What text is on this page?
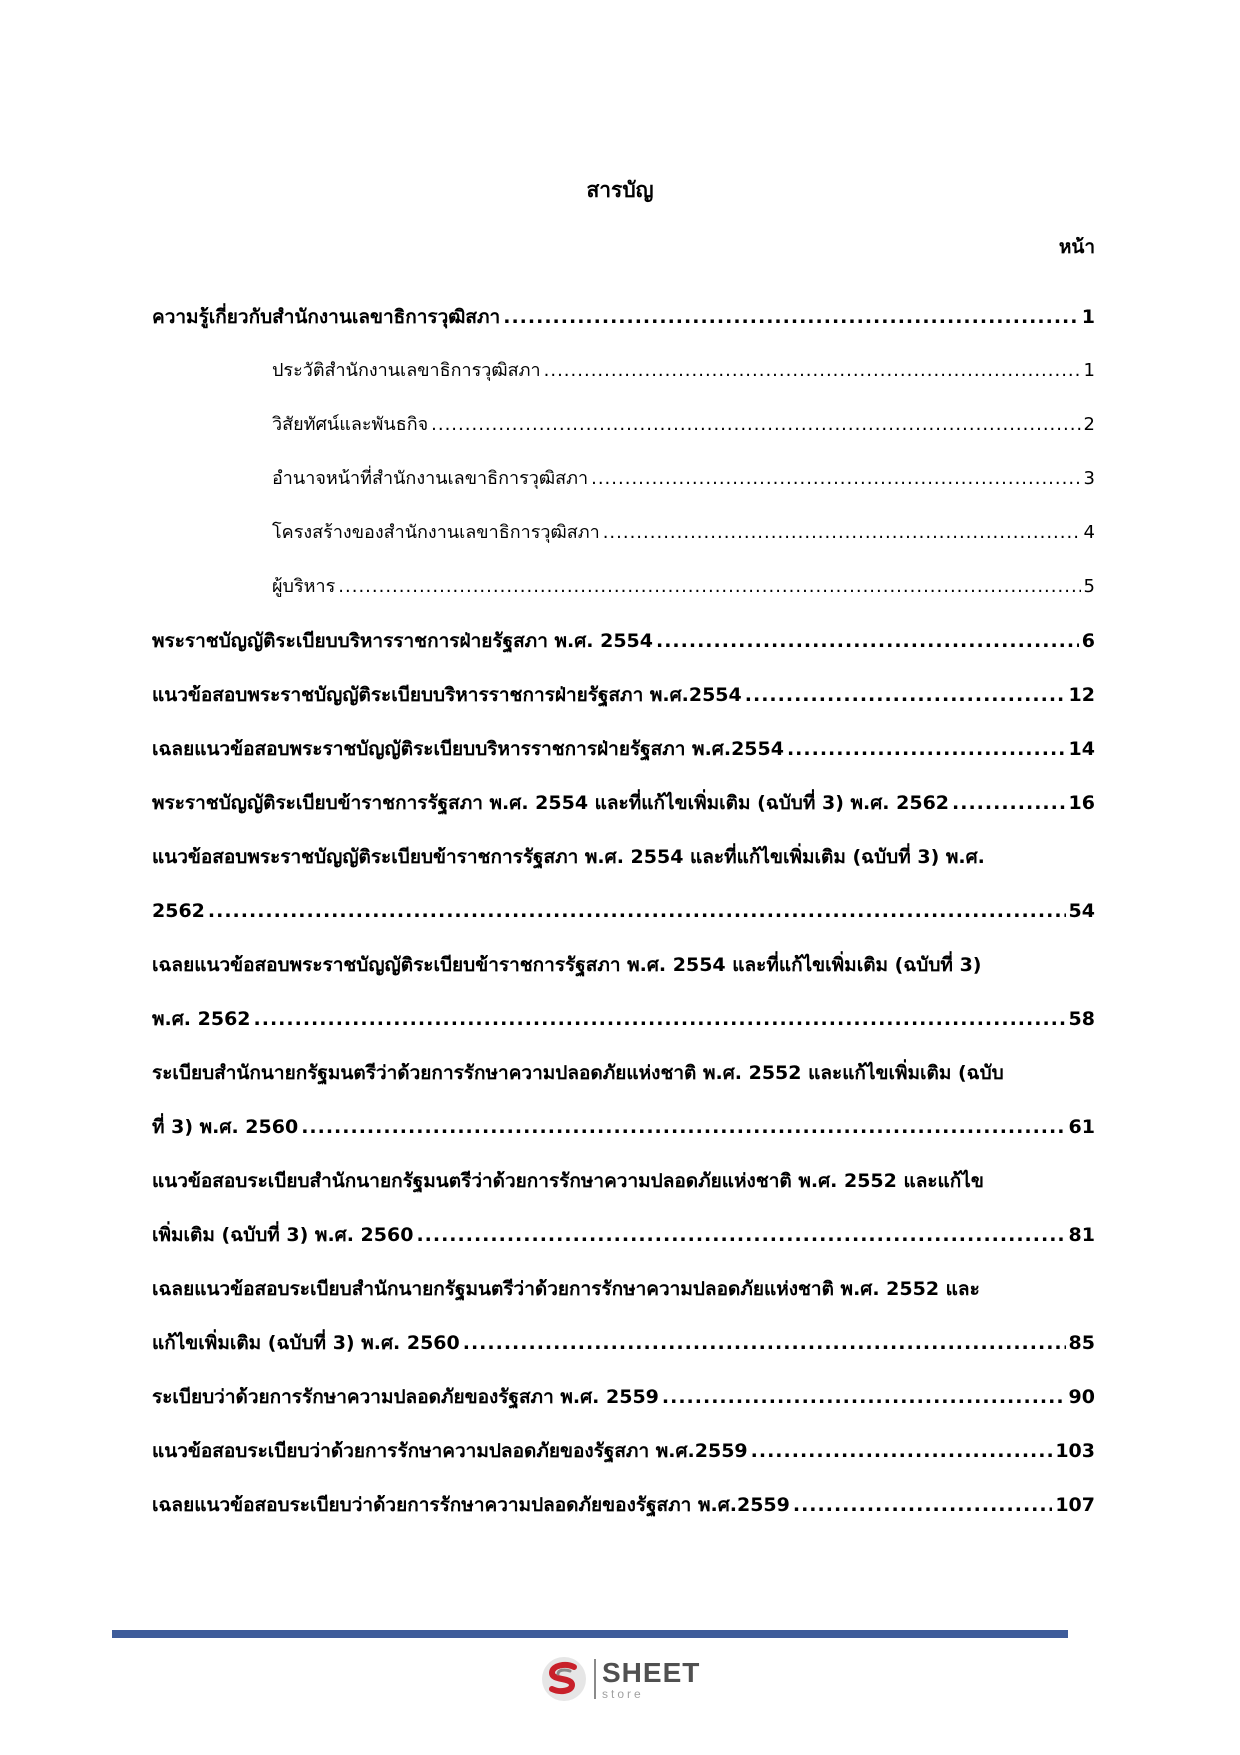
สารบัญ
หน้า
ความรู้เกี่ยวกับสำนักงานเลขาธิการวุฒิสภา .....	1
ประวัติสำนักงานเลขาธิการวุฒิสภา .....	1
วิสัยทัศน์และพันธกิจ .....	2
อำนาจหน้าที่สำนักงานเลขาธิการวุฒิสภา .....	3
โครงสร้างของสำนักงานเลขาธิการวุฒิสภา .....	4
ผู้บริหาร .....	5
พระราชบัญญัติระเบียบบริหารราชการฝ่ายรัฐสภา พ.ศ. 2554 .....	6
แนวข้อสอบพระราชบัญญัติระเบียบบริหารราชการฝ่ายรัฐสภา พ.ศ.2554 .....	12
เฉลยแนวข้อสอบพระราชบัญญัติระเบียบบริหารราชการฝ่ายรัฐสภา พ.ศ.2554 .....	14
พระราชบัญญัติระเบียบข้าราชการรัฐสภา พ.ศ. 2554 และที่แก้ไขเพิ่มเติม (ฉบับที่ 3) พ.ศ. 2562 .....	16
แนวข้อสอบพระราชบัญญัติระเบียบข้าราชการรัฐสภา พ.ศ. 2554 และที่แก้ไขเพิ่มเติม (ฉบับที่ 3) พ.ศ.
2562 .....	54
เฉลยแนวข้อสอบพระราชบัญญัติระเบียบข้าราชการรัฐสภา พ.ศ. 2554 และที่แก้ไขเพิ่มเติม (ฉบับที่ 3)
พ.ศ. 2562 .....	58
ระเบียบสำนักนายกรัฐมนตรีว่าด้วยการรักษาความปลอดภัยแห่งชาติ พ.ศ. 2552 และแก้ไขเพิ่มเติม (ฉบับ
ที่ 3) พ.ศ. 2560 .....	61
แนวข้อสอบระเบียบสำนักนายกรัฐมนตรีว่าด้วยการรักษาความปลอดภัยแห่งชาติ พ.ศ. 2552 และแก้ไข
เพิ่มเติม (ฉบับที่ 3) พ.ศ. 2560 .....	81
เฉลยแนวข้อสอบระเบียบสำนักนายกรัฐมนตรีว่าด้วยการรักษาความปลอดภัยแห่งชาติ พ.ศ. 2552 และ
แก้ไขเพิ่มเติม (ฉบับที่ 3) พ.ศ. 2560 .....	85
ระเบียบว่าด้วยการรักษาความปลอดภัยของรัฐสภา พ.ศ. 2559 .....	90
แนวข้อสอบระเบียบว่าด้วยการรักษาความปลอดภัยของรัฐสภา พ.ศ.2559 .....	103
เฉลยแนวข้อสอบระเบียบว่าด้วยการรักษาความปลอดภัยของรัฐสภา พ.ศ.2559 .....	107
SHEET
store
